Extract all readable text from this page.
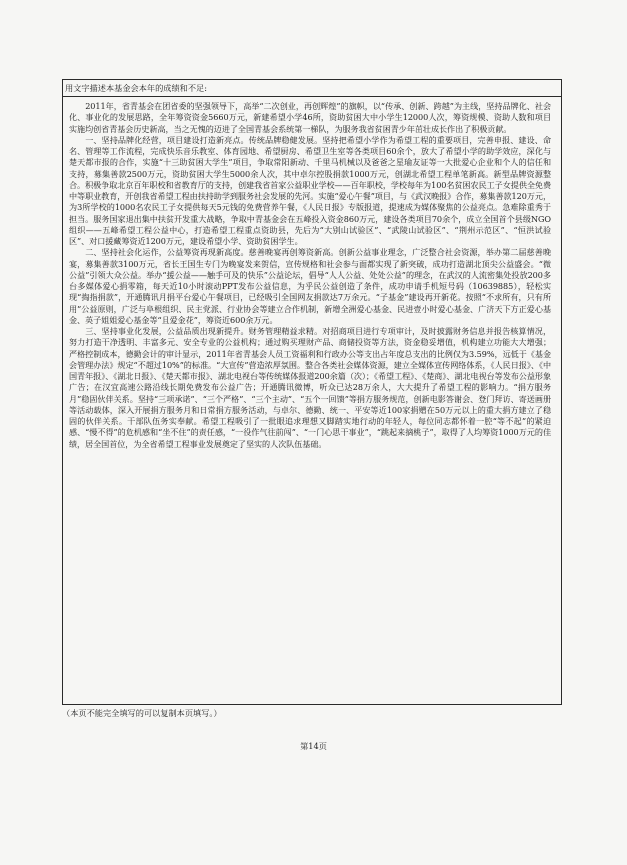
用文字描述本基金会本年的成绩和不足:

2011年，省青基会在团省委的坚强领导下，高举“二次创业，再创辉煌”的旗帜，以“传承、创新、跨越”为主线，坚持品牌化、社会化、事业化的发展思路，全年筹资资金5660万元，新建希望小学46所，资助贫困大中小学生12000人次，筹资规模、资助人数和项目实施均创省青基会历史新高，当之无愧的迈进了全国青基会系统第一梯队，为服务我省贫困青少年茁壮成长作出了积极贡献。

一、坚持品牌化经营，项目建设打造新亮点。传统品牌稳健发展。坚持把希望小学作为希望工程的重要项目，完善申报、建设、命名、管理等工作流程，完成快乐音乐教室、体育园地、希望厨房、希望卫生室等各类项目60余个，放大了希望小学的助学效应，深化与楚天都市报的合作，实施“十三助贫困大学生”项目，争取常阳新动、千里马机械以及爸爸之星瑜友证等一大批爱心企业和个人的信任和支持，募集善款2500万元，资助贫困大学生5000余人次，其中卓尔控股捐款1000万元，创湖北希望工程单笔新高。新型品牌资源整合。积极争取北京百年职校和省教育厅的支持，创建我省首家公益职业学校——百年职校，学校每年为100名贫困农民工子女提供全免费中等职业教育，开创我省希望工程由扶持助学到服务社会发展的先河。实施“爱心午餐”项目，与《武汉晚报》合作，募集善款120万元，为3所学校的1000名农民工子女提供每天5元钱的免费营养午餐，《人民日报》专版报道，提速成为媒体聚焦的公益亮点。急难除重秀于担当。服务国家退出集中扶贫开发重大战略，争取中青基金会在五峰投入资金860万元，建设各类项目70余个，成立全国首个县级NGO组织——五峰希望工程公益中心，打造希望工程重点资助县，先后为“大别山试验区”、“武陵山试验区”、“荆州示范区”、“恒洪试验区”、对口援藏筹资近1200万元，建设希望小学、资助贫困学生。

二、坚持社会化运作，公益筹资再现新高度。慈善晚宴再创筹资新高。创新公益事业理念，广泛整合社会资源，举办第二届慈善晚宴，募集善款3100万元，省长王国生专门为晚宴发来贺信，宣传规格和社会参与面都实现了新突破，成功打造湖北顶尖公益盛会。“微公益”引领大众公益。举办“援公益——触手可及的快乐”公益论坛，倡导“人人公益、处处公益”的理念，在武汉的人流密集处投放200多台多媒体爱心捐零箱，每天近10小时滚动PPT发布公益信息，为乎民公益创造了条件，成功申请手机短号码（10639885），轻松实现“掏指捐款”，开通腾讯月捐平台爱心午餐项目，已经吸引全国网友捐款达7万余元。“子基金”建设再开新花。按照“不求所有，只有所用”公益原则，广泛与阜根组织、民主党派、行业协会等建立合作机制，新增全洲爱心基金、民进壹小时爱心基金、广济天下方正爱心基金、英子姐姐爱心基金等“且爱金花”，筹资近600余万元。

三、坚持事业化发展，公益品质出现新提升。财务管理精益求精。对招商项目进行专项审计，及时披露财务信息并报告核算情况，努力打造干净透明、丰富多元、安全专业的公益机构；通过购买理财产品、商储投资等方法，资金稳妥增值，机构建立功能大大增强；严格控制成本，德勤会计的审计显示，2011年省青基会人员工资福利和行政办公等支出占年度总支出的比例仅为3.59%，远低于《基金会管理办法》规定“不超过10%”的标准。“大宣传”营造浓厚氛围。整合各类社会媒体资源，建立全媒体宣传网络体系，《人民日报》、《中国青年报》、《湖北日报》、《楚天都市报》、湖北电视台等传统媒体报道200余篇（次）；《希望工程》、《楚商》、湖北电视台等发布公益形象广告；在汉宜高速公路沿线长期免费发布公益广告；开通腾讯微博，听众已达28万余人，大大提升了希望工程的影响力。“捐方服务月”稳固伙伴关系。坚持“三项承诺”、“三个严格”、“三个主动”、“五个一回馈”等捐方服务规范，创新电影答谢会、登门拜访、寄送画册等活动载体，深入开展捐方服务月和日常捐方服务活动，与卓尔、德勤、统一、平安等近100家捐赠在50万元以上的重大捐方建立了稳固的伙伴关系。干部队伍务实奉献。希望工程吸引了一批眼追求理想又脚踏实地行动的年轻人，每位同志都怀着一腔“等不起”的紧迫感、“慢不得”的危机感和“坐不住”的责任感，“一役作气往前闯”、“一门心思干事业”，“跳起来摘桃子”，取得了人均筹资1000万元的佳绩，居全国首位，为全省希望工程事业发展奠定了坚实的人次队伍基础。

（本页不能完全填写的可以复制本页填写。）
第14页
